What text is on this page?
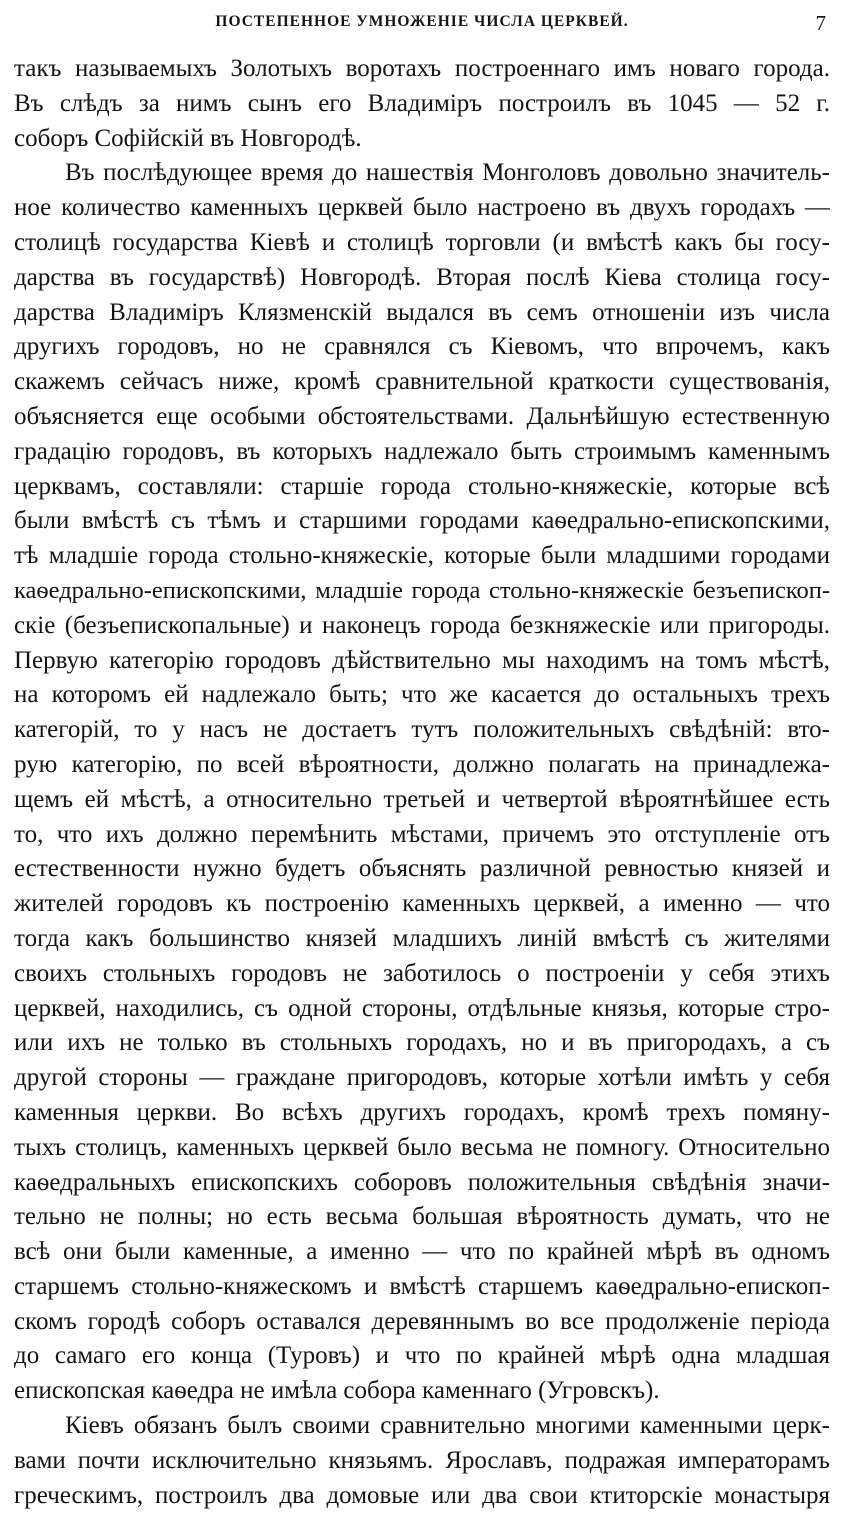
ПОСТЕПЕННОЕ УМНОЖЕНІЕ ЧИСЛА ЦЕРКВЕЙ.	7
такъ называемыхъ Золотыхъ воротахъ построеннаго имъ новаго города.
Въ слѣдъ за нимъ сынъ его Владиміръ построилъ въ 1045 — 52 г.
соборъ Софійскій въ Новгородѣ.
Въ послѣдующее время до нашествія Монголовъ довольно значитель-
ное количество каменныхъ церквей было настроено въ двухъ городахъ —
столицѣ государства Кіевѣ и столицѣ торговли (и вмѣстѣ какъ бы госу-
дарства въ государствѣ) Новгородѣ. Вторая послѣ Кіева столица госу-
дарства Владиміръ Клязменскій выдался въ семъ отношеніи изъ числа
другихъ городовъ, но не сравнялся съ Кіевомъ, что впрочемъ, какъ
скажемъ сейчасъ ниже, кромѣ сравнительной краткости существованія,
объясняется еще особыми обстоятельствами. Дальнѣйшую естественную
градацію городовъ, въ которыхъ надлежало быть строимымъ каменнымъ
церквамъ, составляли: старшіе города стольно-княжескіе, которые всѣ
были вмѣстѣ съ тѣмъ и старшими городами каѳедрально-епископскими,
тѣ младшіе города стольно-княжескіе, которые были младшими городами
каѳедрально-епископскими, младшіе города стольно-княжескіе безъепископ-
скіе (безъепископальные) и наконецъ города безкняжескіе или пригороды.
Первую категорію городовъ дѣйствительно мы находимъ на томъ мѣстѣ,
на которомъ ей надлежало быть; что же касается до остальныхъ трехъ
категорій, то у насъ не достаетъ тутъ положительныхъ свѣдѣній: вто-
рую категорію, по всей вѣроятности, должно полагать на принадлежа-
щемъ ей мѣстѣ, а относительно третьей и четвертой вѣроятнѣйшее есть
то, что ихъ должно перемѣнить мѣстами, причемъ это отступленіе отъ
естественности нужно будетъ объяснять различной ревностью князей и
жителей городовъ къ построенію каменныхъ церквей, а именно — что
тогда какъ большинство князей младшихъ линій вмѣстѣ съ жителями
своихъ стольныхъ городовъ не заботилось о построеніи у себя этихъ
церквей, находились, съ одной стороны, отдѣльные князья, которые стро-
или ихъ не только въ стольныхъ городахъ, но и въ пригородахъ, а съ
другой стороны — граждане пригородовъ, которые хотѣли имѣть у себя
каменныя церкви. Во всѣхъ другихъ городахъ, кромѣ трехъ помяну-
тыхъ столицъ, каменныхъ церквей было весьма не помногу. Относительно
каѳедральныхъ епископскихъ соборовъ положительныя свѣдѣнія значи-
тельно не полны; но есть весьма большая вѣроятность думать, что не
всѣ они были каменные, а именно — что по крайней мѣрѣ въ одномъ
старшемъ стольно-княжескомъ и вмѣстѣ старшемъ каѳедрально-епископ-
скомъ городѣ соборъ оставался деревяннымъ во все продолженіе періода
до самаго его конца (Туровъ) и что по крайней мѣрѣ одна младшая
епископская каѳедра не имѣла собора каменнаго (Угровскъ).
Кіевъ обязанъ былъ своими сравнительно многими каменными церк-
вами почти исключительно князьямъ. Ярославъ, подражая императорамъ
греческимъ, построилъ два домовые или два свои ктиторскіе монастыря
